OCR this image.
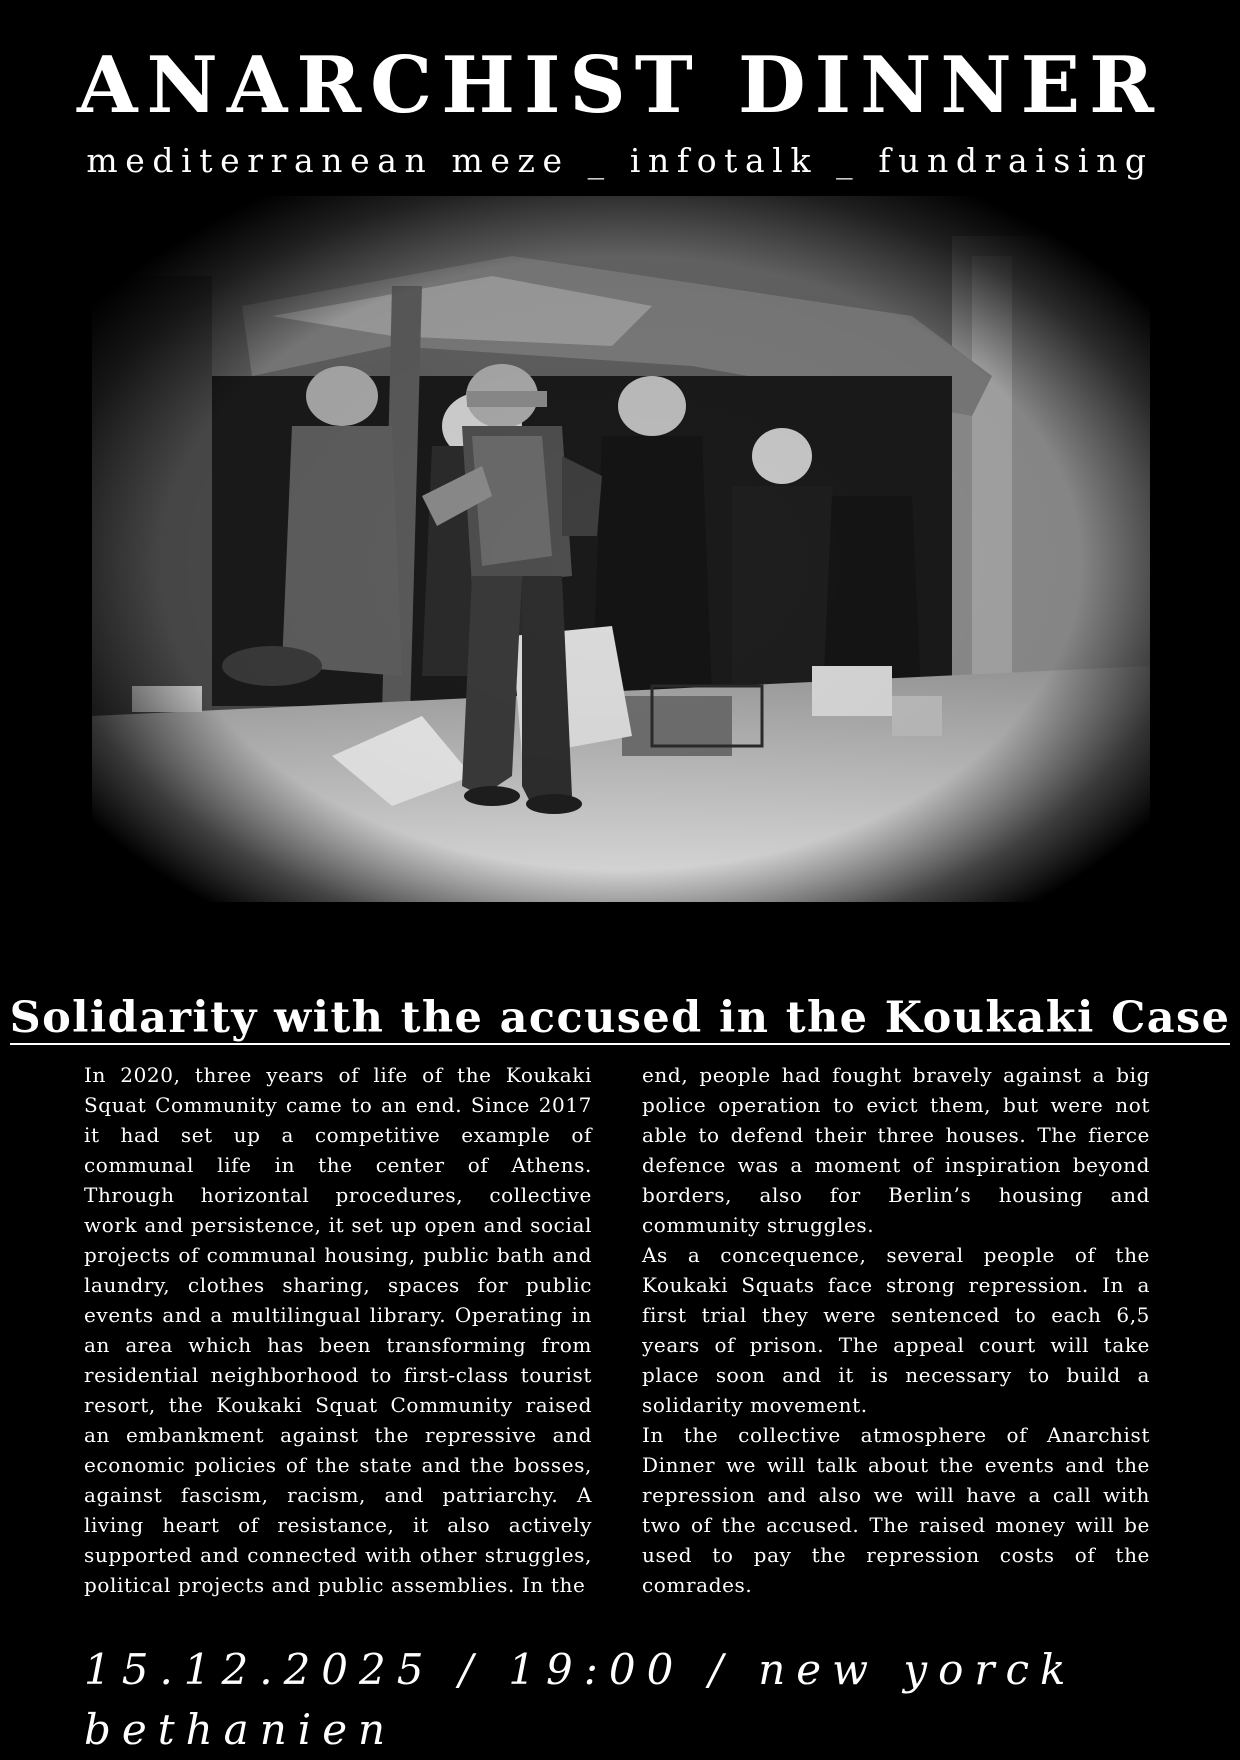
ANARCHIST DINNER

mediterranean meze _ infotalk _ fundraising

Solidarity with the accused in the Koukaki Case

In 2020, three years of life of the Koukaki Squat Community came to an end. Since 2017 it had set up a competitive example of communal life in the center of Athens. Through horizontal procedures, collective work and persistence, it set up open and social projects of communal housing, public bath and laundry, clothes sharing, spaces for public events and a multilingual library. Operating in an area which has been transforming from residential neighborhood to first-class tourist resort, the Koukaki Squat Community raised an embankment against the repressive and economic policies of the state and the bosses, against fascism, racism, and patriarchy. A living heart of resistance, it also actively supported and connected with other struggles, political projects and public assemblies. In the

end, people had fought bravely against a big police operation to evict them, but were not able to defend their three houses. The fierce defence was a moment of inspiration beyond borders, also for Berlin’s housing and community struggles.

As a concequence, several people of the Koukaki Squats face strong repression. In a first trial they were sentenced to each 6,5 years of prison. The appeal court will take place soon and it is necessary to build a solidarity movement.

In the collective atmosphere of Anarchist Dinner we will talk about the events and the repression and also we will have a call with two of the accused. The raised money will be used to pay the repression costs of the comrades.

15.12.2025 / 19:00 / new yorck bethanien
